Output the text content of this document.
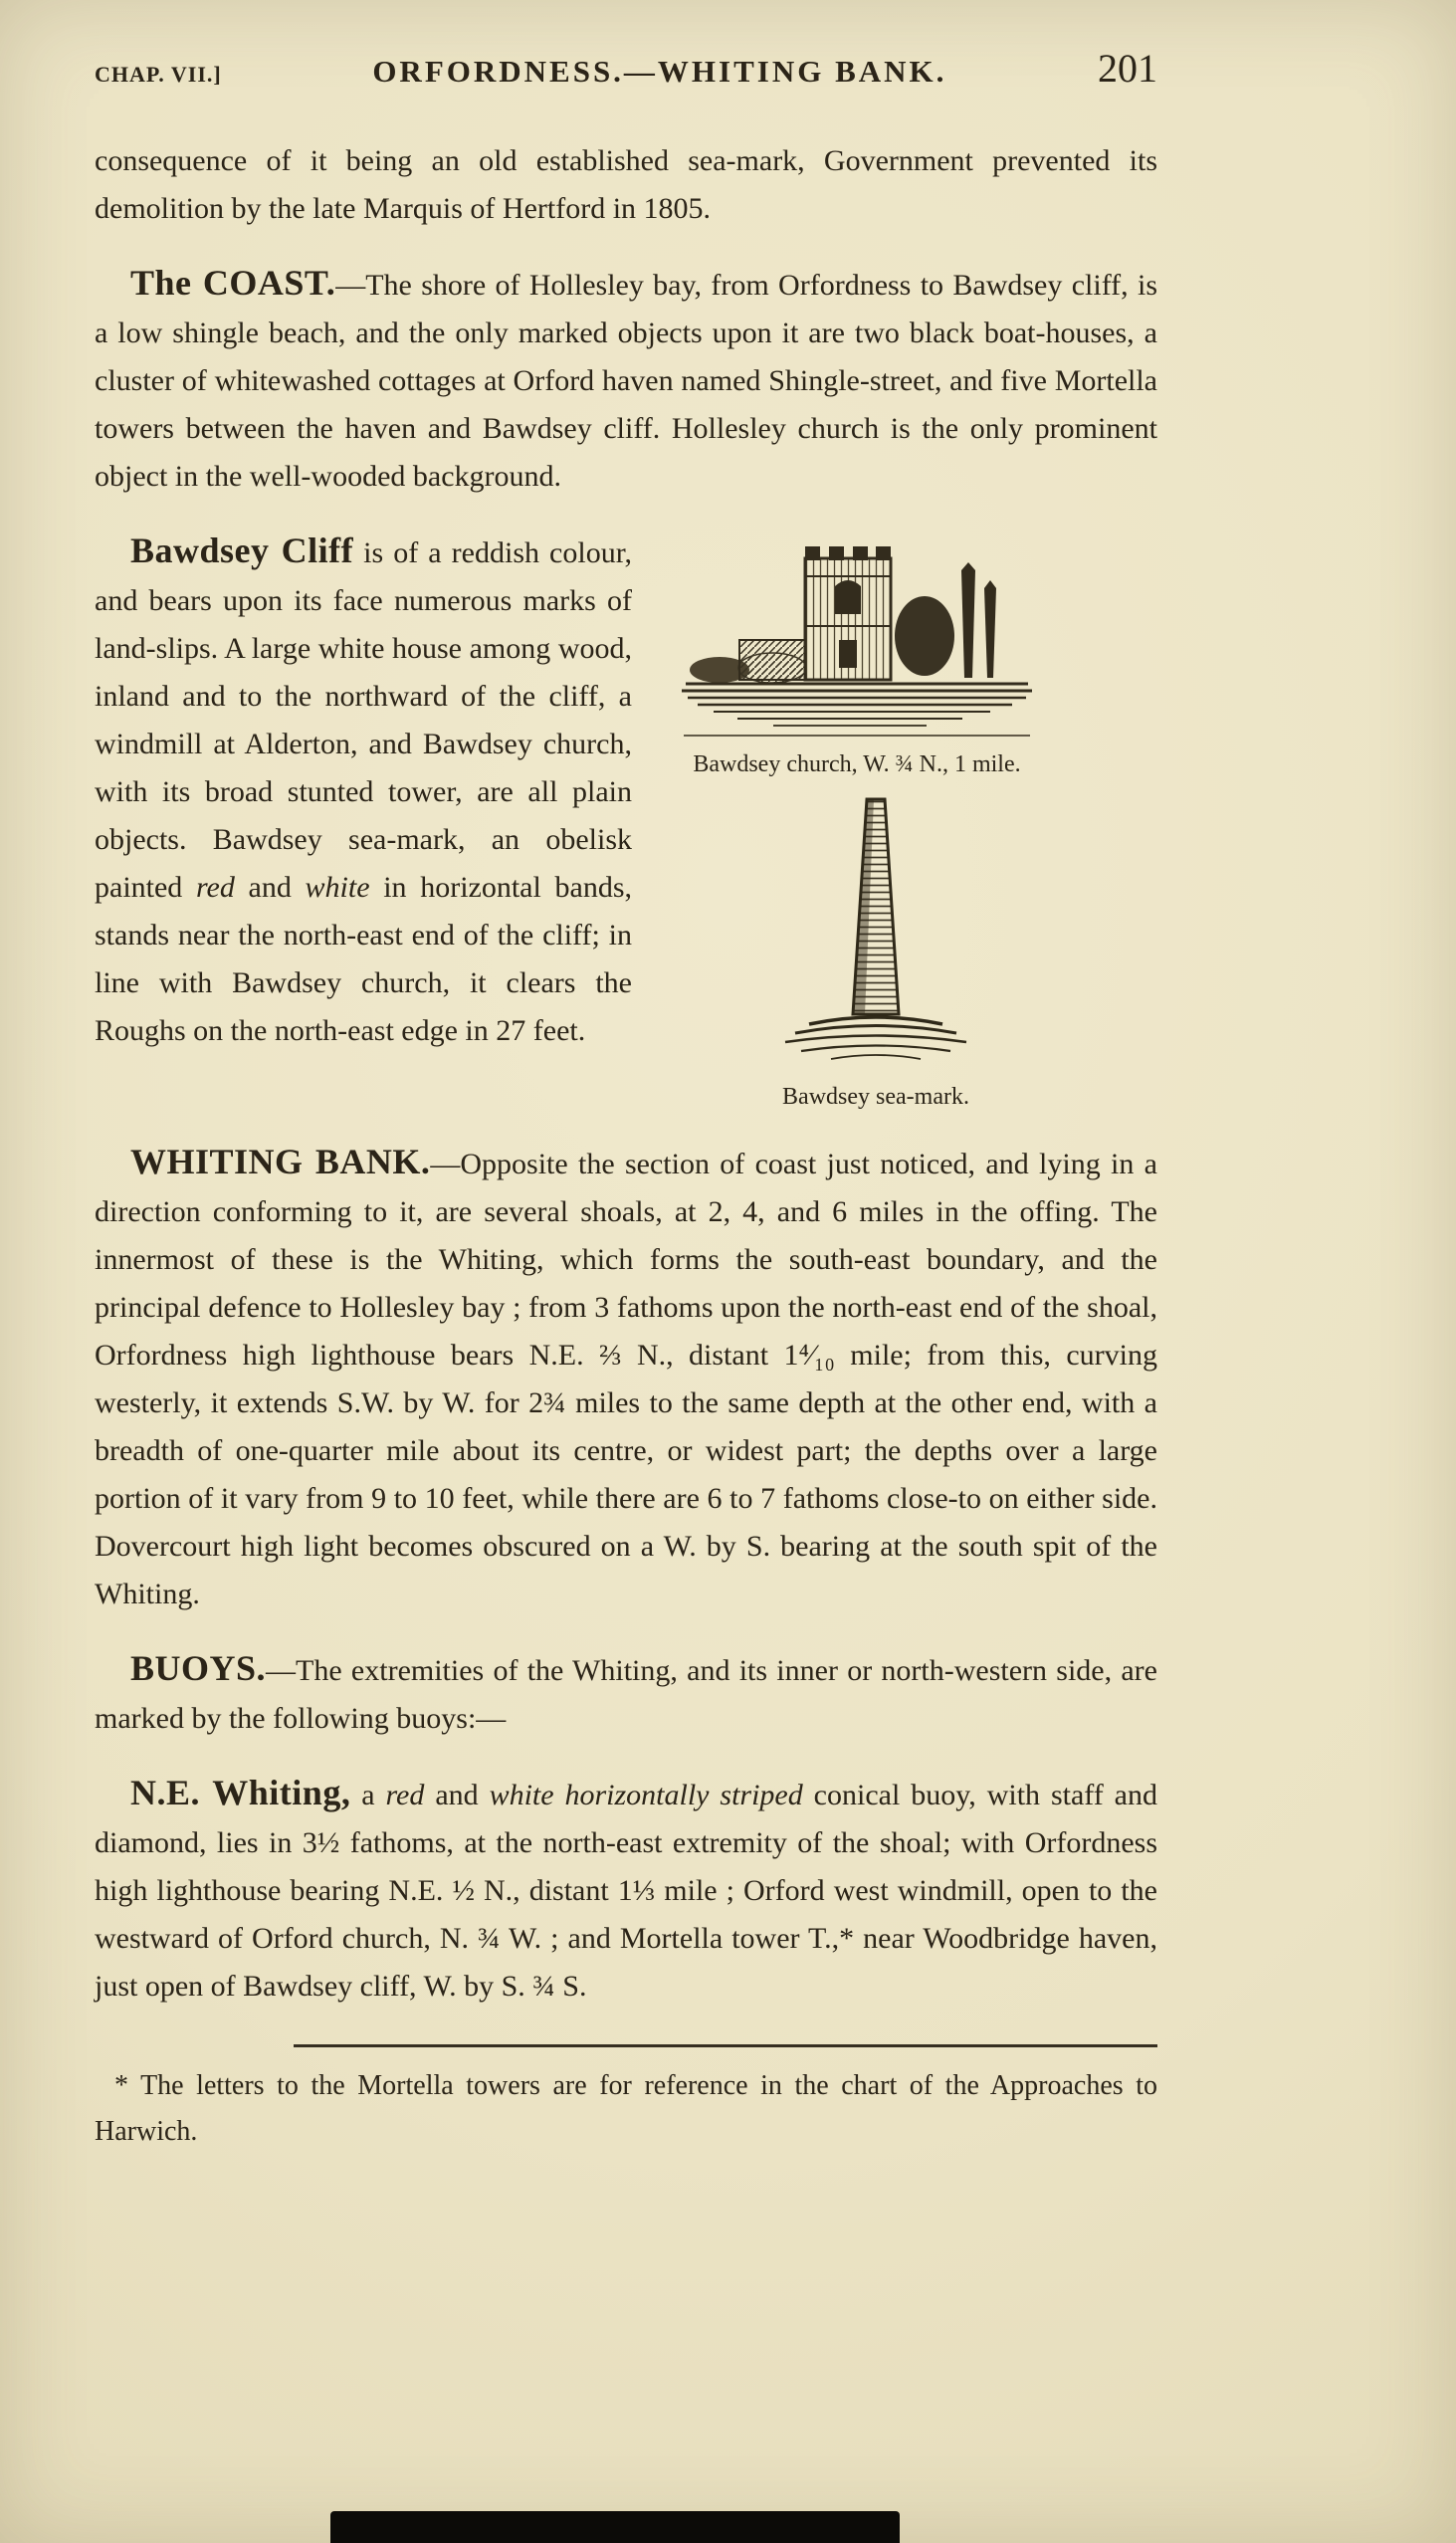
CHAP. VII.]	ORFORDNESS.—WHITING BANK.	201

consequence of it being an old established sea-mark, Government prevented its demolition by the late Marquis of Hertford in 1805.

The COAST.—The shore of Hollesley bay, from Orfordness to Bawdsey cliff, is a low shingle beach, and the only marked objects upon it are two black boat-houses, a cluster of whitewashed cottages at Orford haven named Shingle-street, and five Mortella towers between the haven and Bawdsey cliff. Hollesley church is the only prominent object in the well-wooded background.

Bawdsey Cliff is of a reddish colour, and bears upon its face numerous marks of land-slips. A large white house among wood, inland and to the northward of the cliff, a windmill at Alderton, and Bawdsey church, with its broad stunted tower, are all plain objects. Bawdsey sea-mark, an obelisk painted red and white in horizontal bands, stands near the north-east end of the cliff; in line with Bawdsey church, it clears the Roughs on the north-east edge in 27 feet.

Bawdsey church, W. ¾ N., 1 mile.
Bawdsey sea-mark.

WHITING BANK.—Opposite the section of coast just noticed, and lying in a direction conforming to it, are several shoals, at 2, 4, and 6 miles in the offing. The innermost of these is the Whiting, which forms the south-east boundary, and the principal defence to Hollesley bay ; from 3 fathoms upon the north-east end of the shoal, Orfordness high lighthouse bears N.E. ⅔ N., distant 1⁴⁄₁₀ mile; from this, curving westerly, it extends S.W. by W. for 2¾ miles to the same depth at the other end, with a breadth of one-quarter mile about its centre, or widest part; the depths over a large portion of it vary from 9 to 10 feet, while there are 6 to 7 fathoms close-to on either side. Dovercourt high light becomes obscured on a W. by S. bearing at the south spit of the Whiting.

BUOYS.—The extremities of the Whiting, and its inner or north-western side, are marked by the following buoys:—

N.E. Whiting, a red and white horizontally striped conical buoy, with staff and diamond, lies in 3½ fathoms, at the north-east extremity of the shoal; with Orfordness high lighthouse bearing N.E. ½ N., distant 1⅓ mile ; Orford west windmill, open to the westward of Orford church, N. ¾ W. ; and Mortella tower T.,* near Woodbridge haven, just open of Bawdsey cliff, W. by S. ¾ S.

* The letters to the Mortella towers are for reference in the chart of the Approaches to Harwich.
